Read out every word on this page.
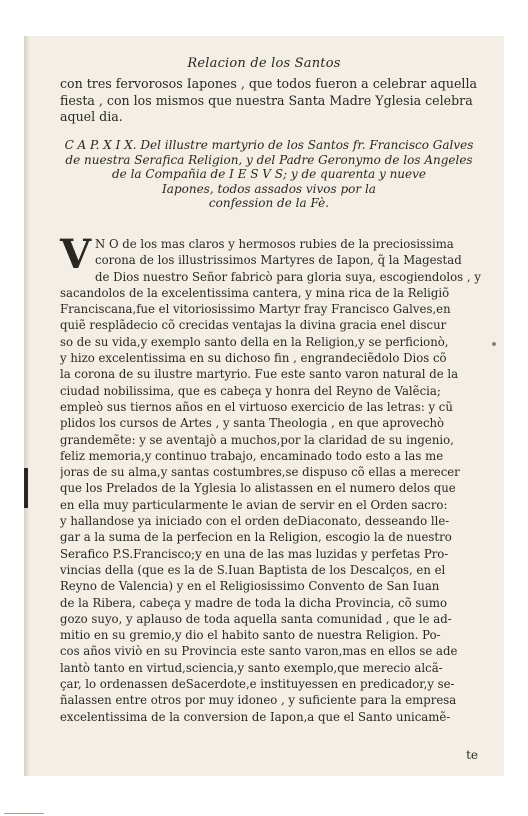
Relacion de los Santos

con tres fervorosos Iapones , que todos fueron a celebrar aquella
fiesta , con los mismos que nuestra Santa Madre Yglesia celebra
aquel dia.

C A P. X I X. Del illustre martyrio de los Santos fr. Francisco Galves
de nuestra Serafica Religion, y del Padre Geronymo de los Angeles
de la Compañia de I E S V S; y de quarenta y nueve
Iapones, todos assados vivos por la
confession de la Fè.

V N O de los mas claros y hermosos rubies de la preciosissima
corona de los illustrissimos Martyres de Iapon, q̃ la Magestad
de Dios nuestro Señor fabricò para gloria suya, escogiendolos , y
sacandolos de la excelentissima cantera, y mina rica de la Religiõ
Franciscana,fue el vitoriosissimo Martyr fray Francisco Galves,en
quiẽ resplãdecio cõ crecidas ventajas la divina gracia enel discur
so de su vida,y exemplo santo della en la Religion,y se perficionò,
y hizo excelentissima en su dichoso fin , engrandeciẽdolo Dios cõ
la corona de su ilustre martyrio. Fue este santo varon natural de la
ciudad nobilissima, que es cabeça y honra del Reyno de Valẽcia;
empleò sus tiernos años en el virtuoso exercicio de las letras: y cũ
plidos los cursos de Artes , y santa Theologia , en que aprovechò
grandemẽte: y se aventajò a muchos,por la claridad de su ingenio,
feliz memoria,y continuo trabajo, encaminado todo esto a las me
joras de su alma,y santas costumbres,se dispuso cõ ellas a merecer
que los Prelados de la Yglesia lo alistassen en el numero delos que
en ella muy particularmente le avian de servir en el Orden sacro:
y hallandose ya iniciado con el orden deDiaconato, desseando lle-
gar a la suma de la perfecion en la Religion, escogio la de nuestro
Serafico P.S.Francisco;y en una de las mas luzidas y perfetas Pro-
vincias della (que es la de S.Iuan Baptista de los Descalços, en el
Reyno de Valencia) y en el Religiosissimo Convento de San Iuan
de la Ribera, cabeça y madre de toda la dicha Provincia, cõ sumo
gozo suyo, y aplauso de toda aquella santa comunidad , que le ad-
mitio en su gremio,y dio el habito santo de nuestra Religion. Po-
cos años viviò en su Provincia este santo varon,mas en ellos se ade
lantò tanto en virtud,sciencia,y santo exemplo,que merecio alcã-
çar, lo ordenassen deSacerdote,e instituyessen en predicador,y se-
ñalassen entre otros por muy idoneo , y suficiente para la empresa
excelentissima de la conversion de Iapon,a que el Santo unicamẽ-

te
